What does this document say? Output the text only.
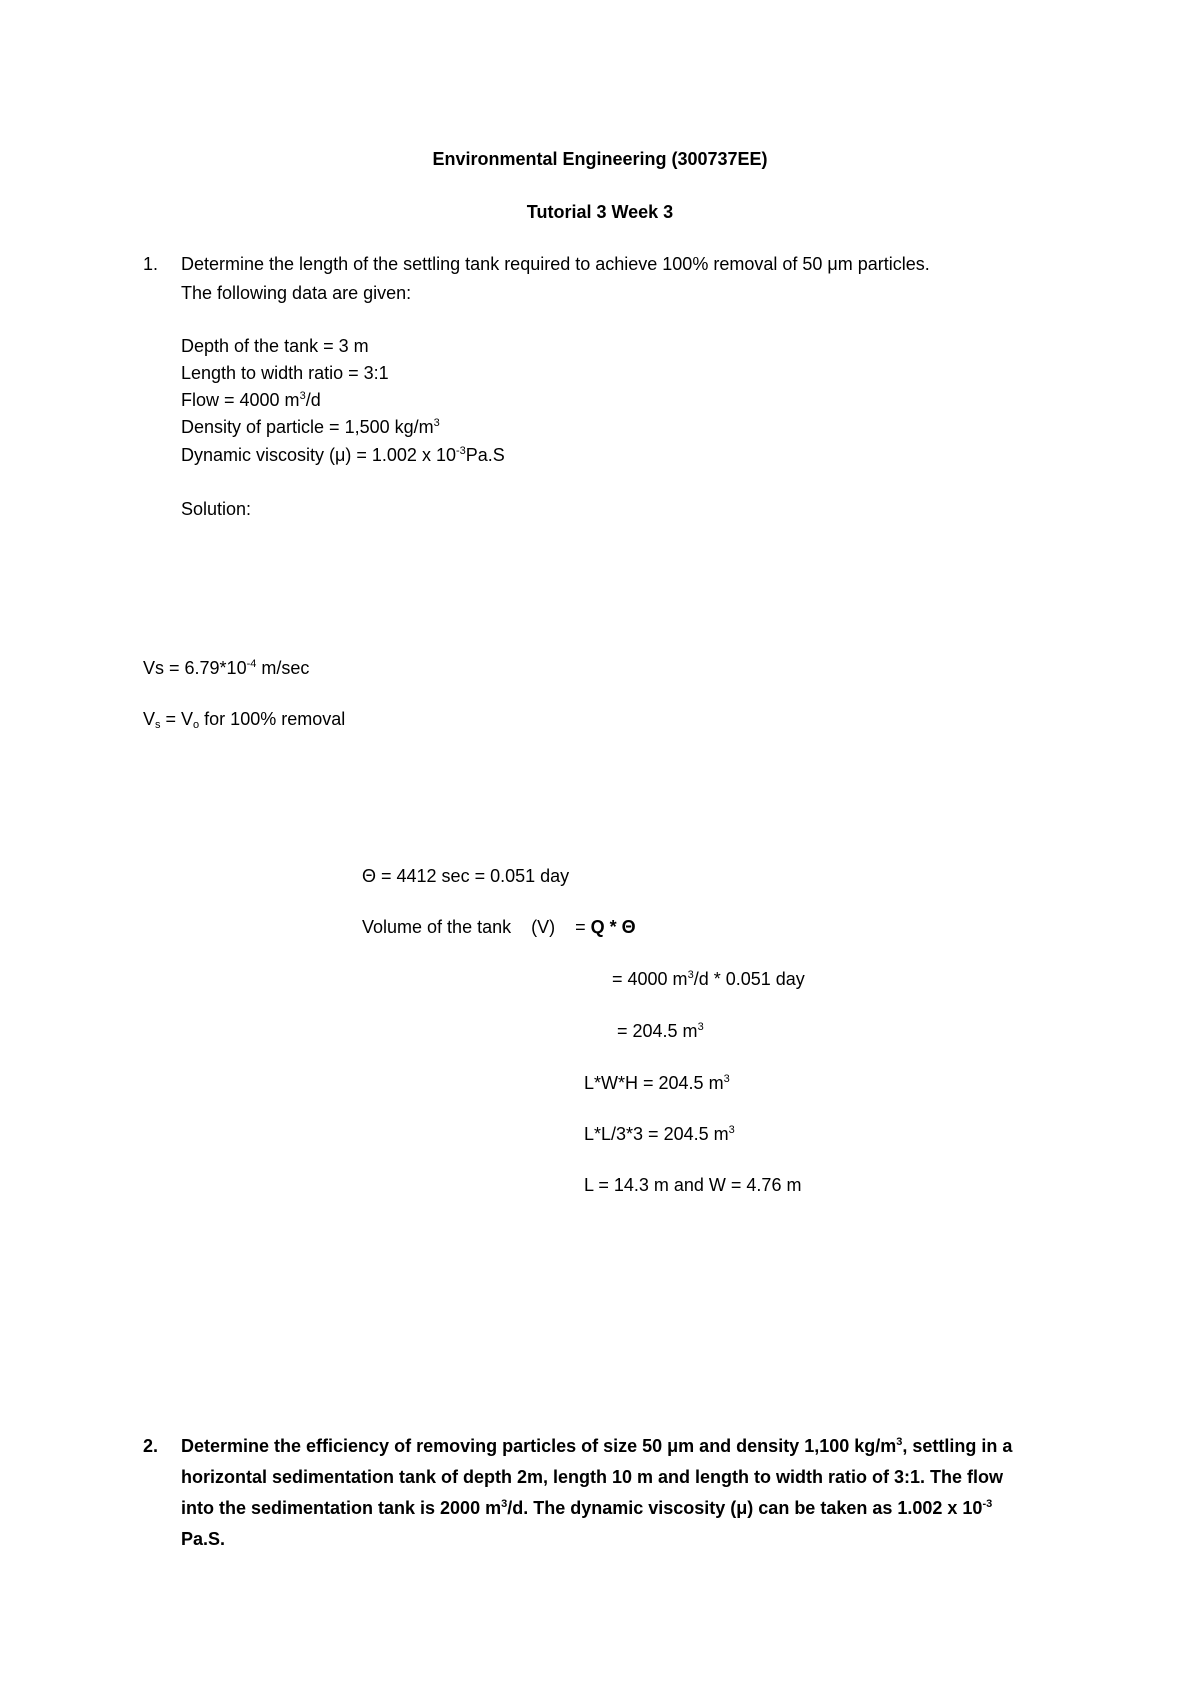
Environmental Engineering (300737EE)
Tutorial 3 Week 3
1. Determine the length of the settling tank required to achieve 100% removal of 50 μm particles.
The following data are given:
Depth of the tank = 3 m
Length to width ratio = 3:1
Flow = 4000 $m^3/d$
Density of particle = 1,500 $kg/m^3$
Dynamic viscosity (μ) = 1.002 x $10^{-3}Pa.S$
Solution:
$Vs = 6.79*10^{-4}$ m/sec
$V_s = V_o$ for 100% removal
Θ = 4412 sec = 0.051 day
Volume of the tank    (V)    = Q * Θ
= 4000 $m^3/d * 0.051$ day
= 204.5 $m^3$
L*W*H = 204.5 $m^3$
L*L/3*3 = 204.5 $m^3$
L = 14.3 m and W = 4.76 m
2. Determine the efficiency of removing particles of size 50 μm and density 1,100 $kg/m^3$, settling in a
horizontal sedimentation tank of depth 2m, length 10 m and length to width ratio of 3:1. The flow
into the sedimentation tank is 2000 $m^3/d$. The dynamic viscosity (μ) can be taken as 1.002 x $10^{-3}$
Pa.S.
